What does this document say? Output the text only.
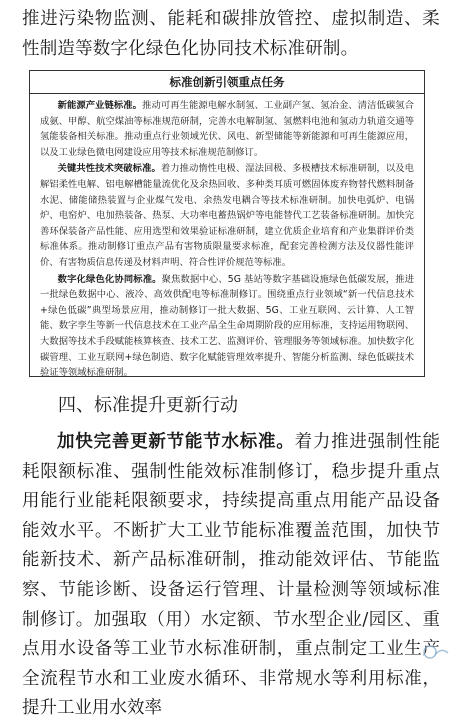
推进污染物监测、能耗和碳排放管控、虚拟制造、柔性制造等数字化绿色化协同技术标准研制。

标准创新引领重点任务

新能源产业链标准。推动可再生能源电解水制氢、工业副产氢、氢冶金、清洁低碳氢合成氨、甲醇、航空煤油等标准规范研制，完善水电解制氢、氢燃料电池和氢动力轨道交通等氢能装备相关标准。推动重点行业领域光伏、风电、新型储能等新能源和可再生能源应用，以及工业绿色微电网建设应用等技术标准规范制修订。

关键共性技术突破标准。着力推动惰性电极、湿法回极、多极槽技术标准研制，以及电解铝柔性电解、铝电解槽能量流优化及余热回收、多种类耳质可燃固体废弃物替代燃料制备水泥、储能储热装置与企业煤气发电、余热发电耦合等技术标准研制。加快电弧炉、电锅炉、电窑炉、电加热装备、热泵、大功率电蓄热锅炉等电能替代工艺装备标准研制。加快完善环保装备产品性能、应用选型和效果验证标准研制，建立优质企业培育和产业集群评价类标准体系。推动制修订重点产品有害物质限量要求标准，配套完善检测方法及仪器性能评价、有害物质信息传递及材料声明、符合性评价规范等标准。

数字化绿色化协同标准。聚焦数据中心、5G 基站等数字基础设施绿色低碳发展，推进一批绿色数据中心、液冷、高效供配电等标准制修订。围绕重点行业领域“新一代信息技术+绿色低碳”典型场景应用，推动制修订一批大数据、5G、工业互联网、云计算、人工智能、数字孪生等新一代信息技术在工业产品全生命周期阶段的应用标准，支持运用物联网、大数据等技术手段赋能核算核查、技术工艺、监测评价、管理服务等领域标准。加快数字化碳管理、工业互联网+绿色制造、数字化赋能管理效率提升、智能分析监测、绿色低碳技术验证等领域标准研制。

四、标准提升更新行动

加快完善更新节能节水标准。着力推进强制性能耗限额标准、强制性能效标准制修订，稳步提升重点用能行业能耗限额要求，持续提高重点用能产品设备能效水平。不断扩大工业节能标准覆盖范围，加快节能新技术、新产品标准研制，推动能效评估、节能监察、节能诊断、设备运行管理、计量检测等领域标准制修订。加强取（用）水定额、节水型企业/园区、重点用水设备等工业节水标准研制，重点制定工业生产全流程节水和工业废水循环、非常规水等利用标准，提升工业用水效率
